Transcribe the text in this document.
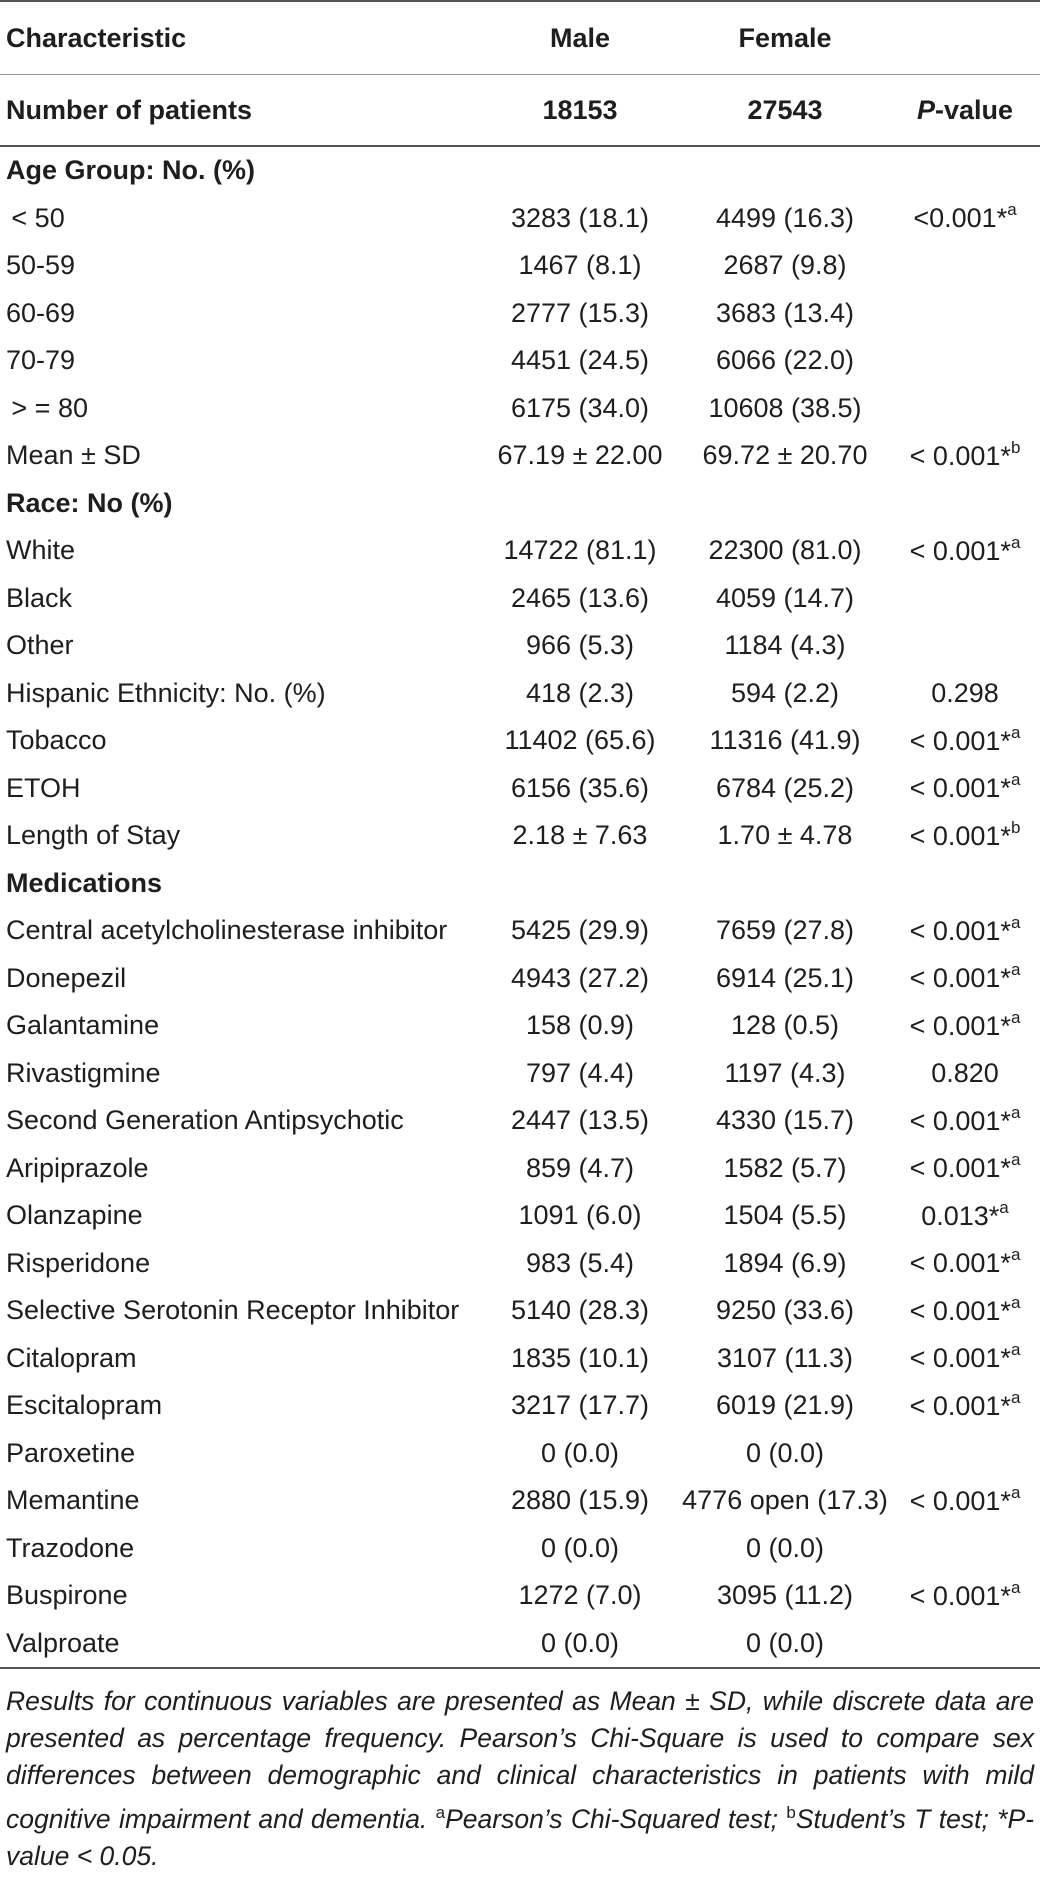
Characteristic	Male	Female	
Number of patients	18153	27543	P-value
Age Group: No. (%)			
 < 50	3283 (18.1)	4499 (16.3)	<0.001*$^a$
50-59	1467 (8.1)	2687 (9.8)	
60-69	2777 (15.3)	3683 (13.4)	
70-79	4451 (24.5)	6066 (22.0)	
 > = 80	6175 (34.0)	10608 (38.5)	
Mean ± SD	67.19 ± 22.00	69.72 ± 20.70	< 0.001*$^b$
Race: No (%)			
White	14722 (81.1)	22300 (81.0)	< 0.001*$^a$
Black	2465 (13.6)	4059 (14.7)	
Other	966 (5.3)	1184 (4.3)	
Hispanic Ethnicity: No. (%)	418 (2.3)	594 (2.2)	0.298
Tobacco	11402 (65.6)	11316 (41.9)	< 0.001*$^a$
ETOH	6156 (35.6)	6784 (25.2)	< 0.001*$^a$
Length of Stay	2.18 ± 7.63	1.70 ± 4.78	< 0.001*$^b$
Medications			
Central acetylcholinesterase inhibitor	5425 (29.9)	7659 (27.8)	< 0.001*$^a$
Donepezil	4943 (27.2)	6914 (25.1)	< 0.001*$^a$
Galantamine	158 (0.9)	128 (0.5)	< 0.001*$^a$
Rivastigmine	797 (4.4)	1197 (4.3)	0.820
Second Generation Antipsychotic	2447 (13.5)	4330 (15.7)	< 0.001*$^a$
Aripiprazole	859 (4.7)	1582 (5.7)	< 0.001*$^a$
Olanzapine	1091 (6.0)	1504 (5.5)	0.013*$^a$
Risperidone	983 (5.4)	1894 (6.9)	< 0.001*$^a$
Selective Serotonin Receptor Inhibitor	5140 (28.3)	9250 (33.6)	< 0.001*$^a$
Citalopram	1835 (10.1)	3107 (11.3)	< 0.001*$^a$
Escitalopram	3217 (17.7)	6019 (21.9)	< 0.001*$^a$
Paroxetine	0 (0.0)	0 (0.0)	
Memantine	2880 (15.9)	4776 open (17.3)	< 0.001*$^a$
Trazodone	0 (0.0)	0 (0.0)	
Buspirone	1272 (7.0)	3095 (11.2)	< 0.001*$^a$
Valproate	0 (0.0)	0 (0.0)	
Results for continuous variables are presented as Mean ± SD, while discrete data are presented as percentage frequency. Pearson’s Chi-Square is used to compare sex differences between demographic and clinical characteristics in patients with mild cognitive impairment and dementia. $^a$Pearson’s Chi-Squared test; $^b$Student’s T test; *P-value < 0.05.
